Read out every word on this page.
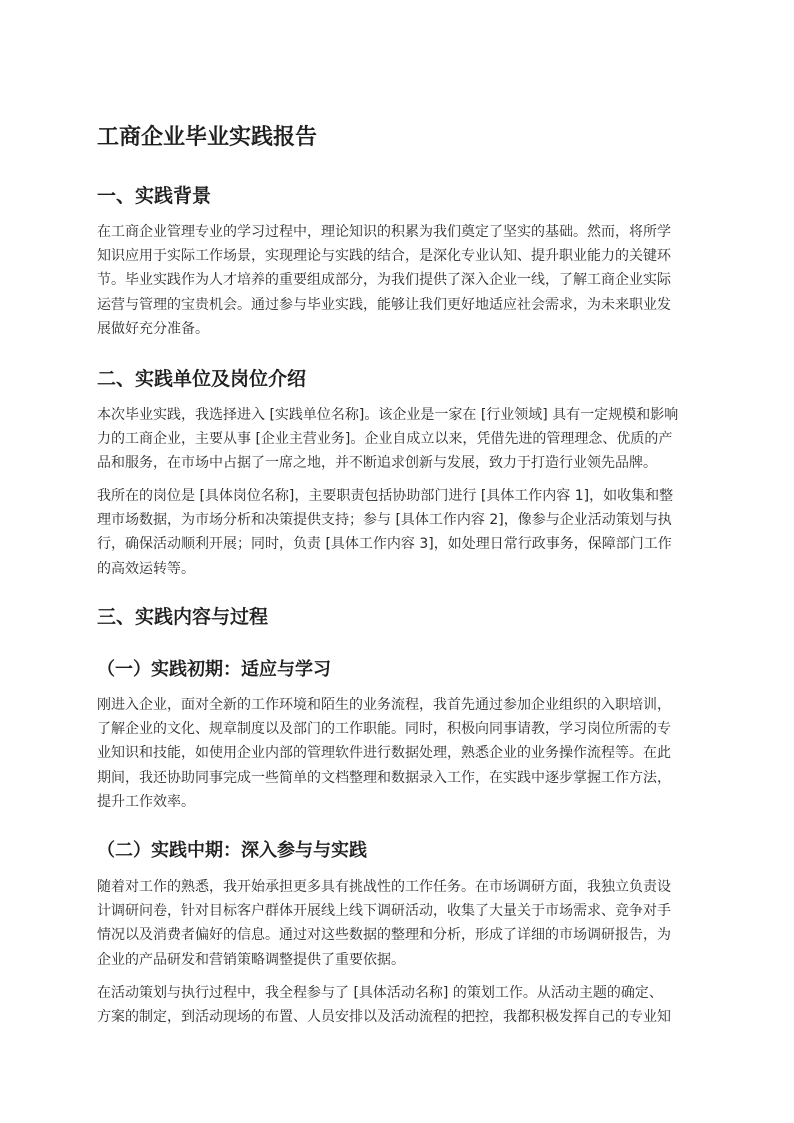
工商企业毕业实践报告
一、实践背景

在工商企业管理专业的学习过程中，理论知识的积累为我们奠定了坚实的基础。然而，将所学
知识应用于实际工作场景，实现理论与实践的结合，是深化专业认知、提升职业能力的关键环
节。毕业实践作为人才培养的重要组成部分，为我们提供了深入企业一线，了解工商企业实际
运营与管理的宝贵机会。通过参与毕业实践，能够让我们更好地适应社会需求，为未来职业发
展做好充分准备。

二、实践单位及岗位介绍

本次毕业实践，我选择进入 [实践单位名称]。该企业是一家在 [行业领域] 具有一定规模和影响
力的工商企业，主要从事 [企业主营业务]。企业自成立以来，凭借先进的管理理念、优质的产
品和服务，在市场中占据了一席之地，并不断追求创新与发展，致力于打造行业领先品牌。

我所在的岗位是 [具体岗位名称]，主要职责包括协助部门进行 [具体工作内容 1]，如收集和整
理市场数据，为市场分析和决策提供支持；参与 [具体工作内容 2]，像参与企业活动策划与执
行，确保活动顺利开展；同时，负责 [具体工作内容 3]，如处理日常行政事务，保障部门工作
的高效运转等。

三、实践内容与过程
（一）实践初期：适应与学习

刚进入企业，面对全新的工作环境和陌生的业务流程，我首先通过参加企业组织的入职培训，
了解企业的文化、规章制度以及部门的工作职能。同时，积极向同事请教，学习岗位所需的专
业知识和技能，如使用企业内部的管理软件进行数据处理，熟悉企业的业务操作流程等。在此
期间，我还协助同事完成一些简单的文档整理和数据录入工作，在实践中逐步掌握工作方法，
提升工作效率。

（二）实践中期：深入参与与实践

随着对工作的熟悉，我开始承担更多具有挑战性的工作任务。在市场调研方面，我独立负责设
计调研问卷，针对目标客户群体开展线上线下调研活动，收集了大量关于市场需求、竞争对手
情况以及消费者偏好的信息。通过对这些数据的整理和分析，形成了详细的市场调研报告，为
企业的产品研发和营销策略调整提供了重要依据。

在活动策划与执行过程中，我全程参与了 [具体活动名称] 的策划工作。从活动主题的确定、
方案的制定，到活动现场的布置、人员安排以及活动流程的把控，我都积极发挥自己的专业知
